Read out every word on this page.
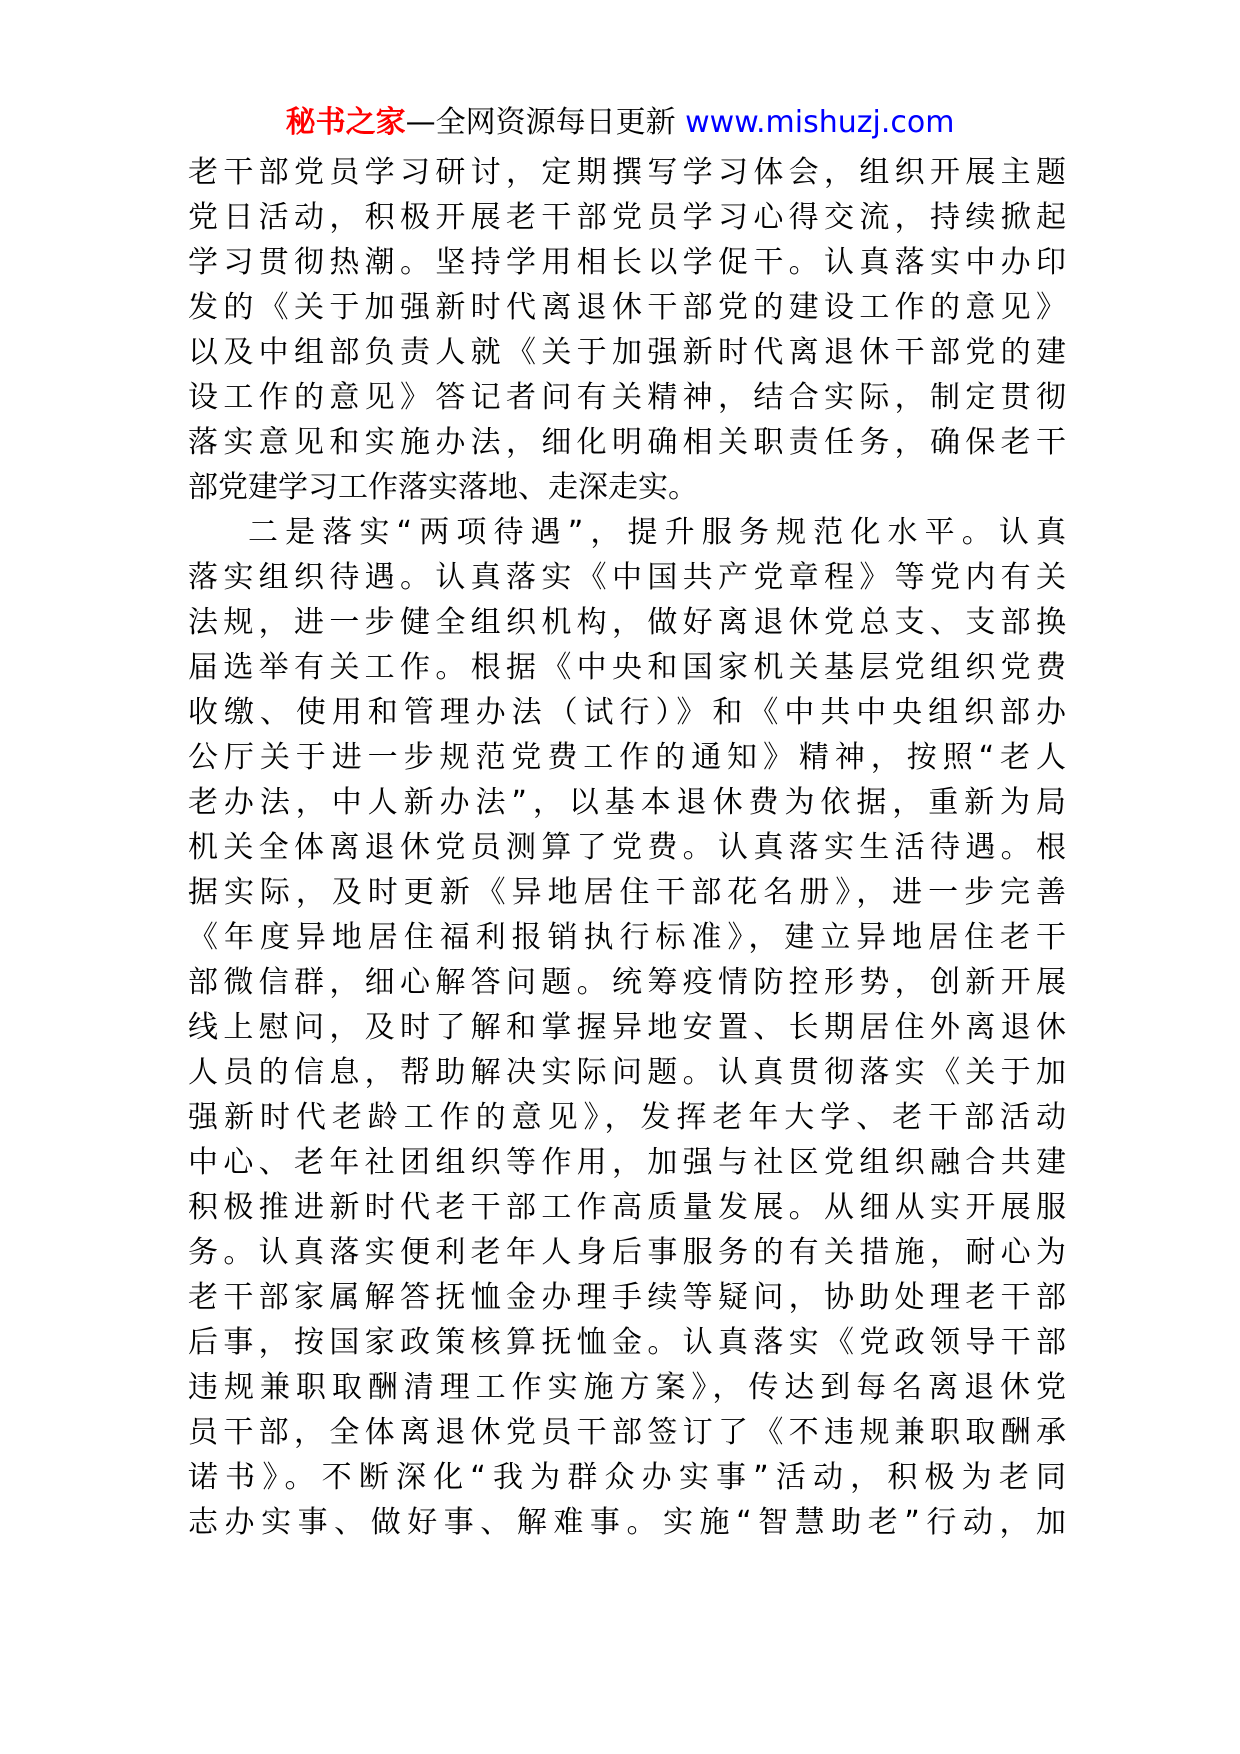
秘书之家—全网资源每日更新 www.mishuzj.com
老干部党员学习研讨，定期撰写学习体会，组织开展主题
党日活动，积极开展老干部党员学习心得交流，持续掀起
学习贯彻热潮。坚持学用相长以学促干。认真落实中办印
发的《关于加强新时代离退休干部党的建设工作的意见》
以及中组部负责人就《关于加强新时代离退休干部党的建
设工作的意见》答记者问有关精神，结合实际，制定贯彻
落实意见和实施办法，细化明确相关职责任务，确保老干
部党建学习工作落实落地、走深走实。
二是落实“两项待遇”，提升服务规范化水平。认真
落实组织待遇。认真落实《中国共产党章程》等党内有关
法规，进一步健全组织机构，做好离退休党总支、支部换
届选举有关工作。根据《中央和国家机关基层党组织党费
收缴、使用和管理办法（试行）》和《中共中央组织部办
公厅关于进一步规范党费工作的通知》精神，按照“老人
老办法，中人新办法”，以基本退休费为依据，重新为局
机关全体离退休党员测算了党费。认真落实生活待遇。根
据实际，及时更新《异地居住干部花名册》，进一步完善
《年度异地居住福利报销执行标准》，建立异地居住老干
部微信群，细心解答问题。统筹疫情防控形势，创新开展
线上慰问，及时了解和掌握异地安置、长期居住外离退休
人员的信息，帮助解决实际问题。认真贯彻落实《关于加
强新时代老龄工作的意见》，发挥老年大学、老干部活动
中心、老年社团组织等作用，加强与社区党组织融合共建
积极推进新时代老干部工作高质量发展。从细从实开展服
务。认真落实便利老年人身后事服务的有关措施，耐心为
老干部家属解答抚恤金办理手续等疑问，协助处理老干部
后事，按国家政策核算抚恤金。认真落实《党政领导干部
违规兼职取酬清理工作实施方案》，传达到每名离退休党
员干部，全体离退休党员干部签订了《不违规兼职取酬承
诺书》。不断深化“我为群众办实事”活动，积极为老同
志办实事、做好事、解难事。实施“智慧助老”行动，加
